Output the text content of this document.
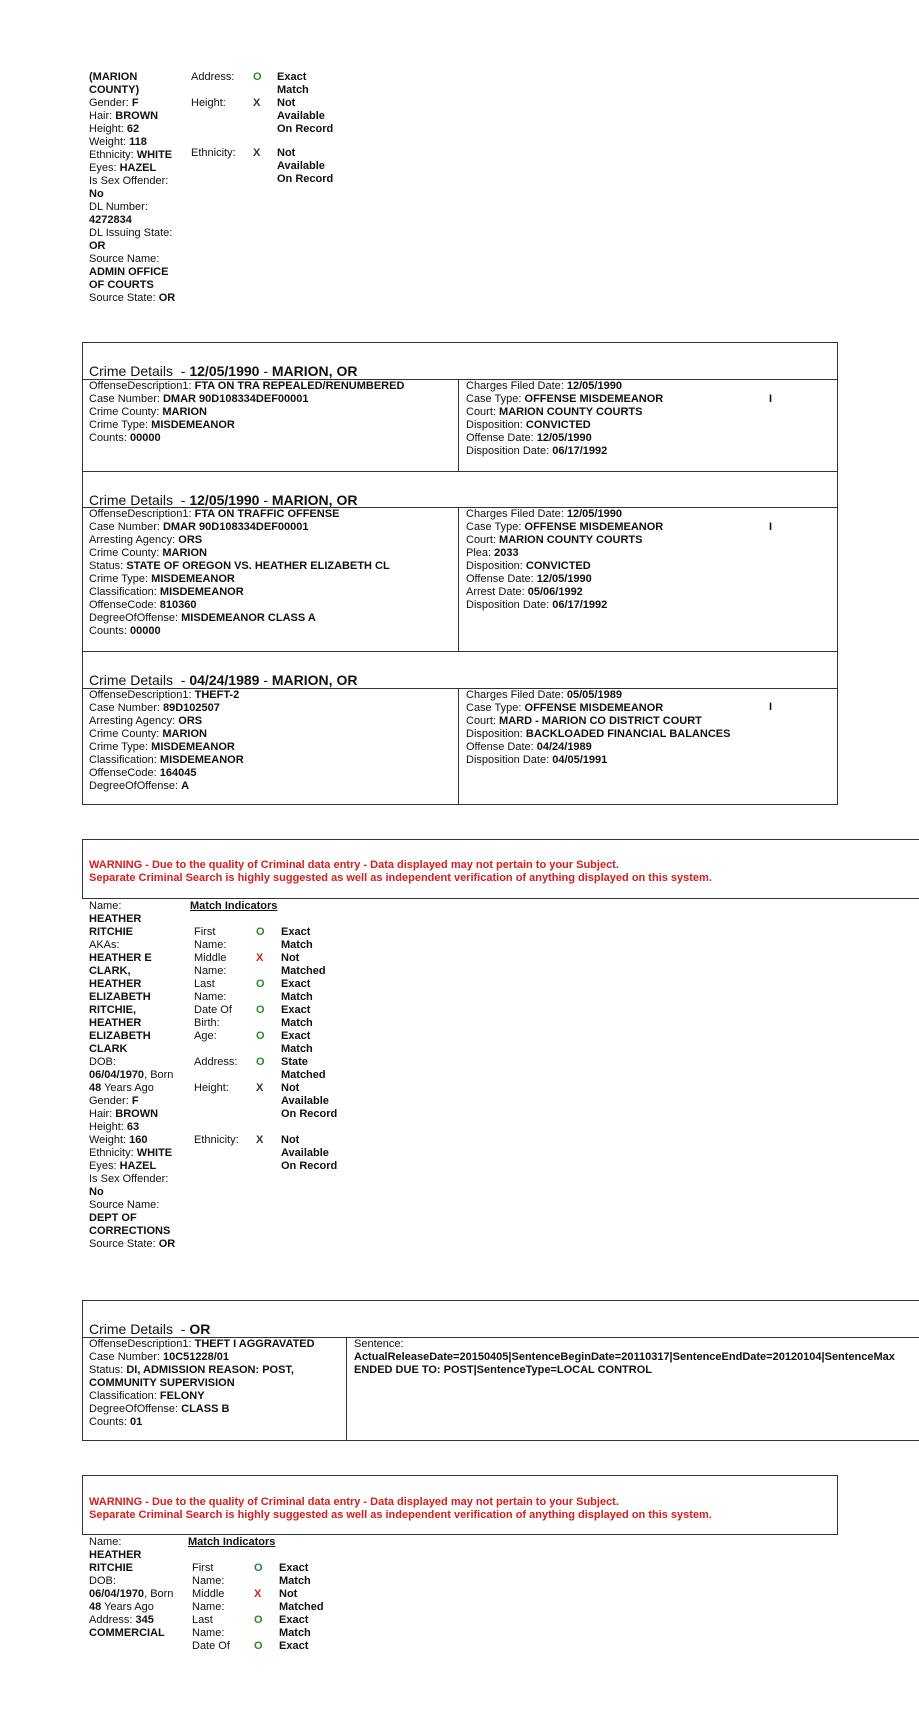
(MARION COUNTY)
Gender: F
Hair: BROWN
Height: 62
Weight: 118
Ethnicity: WHITE
Eyes: HAZEL
Is Sex Offender: No
DL Number: 4272834
DL Issuing State: OR
Source Name: ADMIN OFFICE OF COURTS
Source State: OR
Address:	O	Exact Match
Height:	X	Not Available On Record
Ethnicity:	X	Not Available On Record
Crime Details - 12/05/1990 - MARION, OR
OffenseDescription1: FTA ON TRA REPEALED/RENUMBERED
Case Number: DMAR 90D108334DEF00001
Crime County: MARION
Crime Type: MISDEMEANOR
Counts: 00000
Charges Filed Date: 12/05/1990
Case Type: OFFENSE MISDEMEANOR
Court: MARION COUNTY COURTS
Disposition: CONVICTED
Offense Date: 12/05/1990
Disposition Date: 06/17/1992
I
Crime Details - 12/05/1990 - MARION, OR
OffenseDescription1: FTA ON TRAFFIC OFFENSE
Case Number: DMAR 90D108334DEF00001
Arresting Agency: ORS
Crime County: MARION
Status: STATE OF OREGON VS. HEATHER ELIZABETH CL
Crime Type: MISDEMEANOR
Classification: MISDEMEANOR
OffenseCode: 810360
DegreeOfOffense: MISDEMEANOR CLASS A
Counts: 00000
Charges Filed Date: 12/05/1990
Case Type: OFFENSE MISDEMEANOR
Court: MARION COUNTY COURTS
Plea: 2033
Disposition: CONVICTED
Offense Date: 12/05/1990
Arrest Date: 05/06/1992
Disposition Date: 06/17/1992
I
Crime Details - 04/24/1989 - MARION, OR
OffenseDescription1: THEFT-2
Case Number: 89D102507
Arresting Agency: ORS
Crime County: MARION
Crime Type: MISDEMEANOR
Classification: MISDEMEANOR
OffenseCode: 164045
DegreeOfOffense: A
Charges Filed Date: 05/05/1989
Case Type: OFFENSE MISDEMEANOR
Court: MARD - MARION CO DISTRICT COURT
Disposition: BACKLOADED FINANCIAL BALANCES
Offense Date: 04/24/1989
Disposition Date: 04/05/1991
I
WARNING - Due to the quality of Criminal data entry - Data displayed may not pertain to your Subject.
Separate Criminal Search is highly suggested as well as independent verification of anything displayed on this system.
Name:
HEATHER RITCHIE
AKAs:
HEATHER E CLARK, HEATHER ELIZABETH RITCHIE, HEATHER ELIZABETH CLARK
DOB:
06/04/1970, Born 48 Years Ago
Gender: F
Hair: BROWN
Height: 63
Weight: 160
Ethnicity: WHITE
Eyes: HAZEL
Is Sex Offender: No
Source Name: DEPT OF CORRECTIONS
Source State: OR
Match Indicators
First Name:
O	Exact Match
Middle Name:
X	Not Matched
Last Name:
O	Exact Match
Date Of Birth:
O	Exact Match
Age:	O	Exact Match
Address:	O	State Matched
Height:	X	Not Available On Record
Ethnicity:	X	Not Available On Record
Crime Details - OR
OffenseDescription1: THEFT I AGGRAVATED
Case Number: 10C51228/01
Status: DI, ADMISSION REASON: POST, COMMUNITY SUPERVISION
Classification: FELONY
DegreeOfOffense: CLASS B
Counts: 01
Sentence:
ActualReleaseDate=20150405|SentenceBeginDate=20110317|SentenceEndDate=20120104|SentenceMax
ENDED DUE TO: POST|SentenceType=LOCAL CONTROL
WARNING - Due to the quality of Criminal data entry - Data displayed may not pertain to your Subject.
Separate Criminal Search is highly suggested as well as independent verification of anything displayed on this system.
Name:
HEATHER RITCHIE
DOB:
06/04/1970, Born 48 Years Ago
Address: 345 COMMERCIAL
Match Indicators
First Name:
O	Exact Match
Middle Name:
X	Not Matched
Last Name:
O	Exact Match
Date Of	O	Exact
